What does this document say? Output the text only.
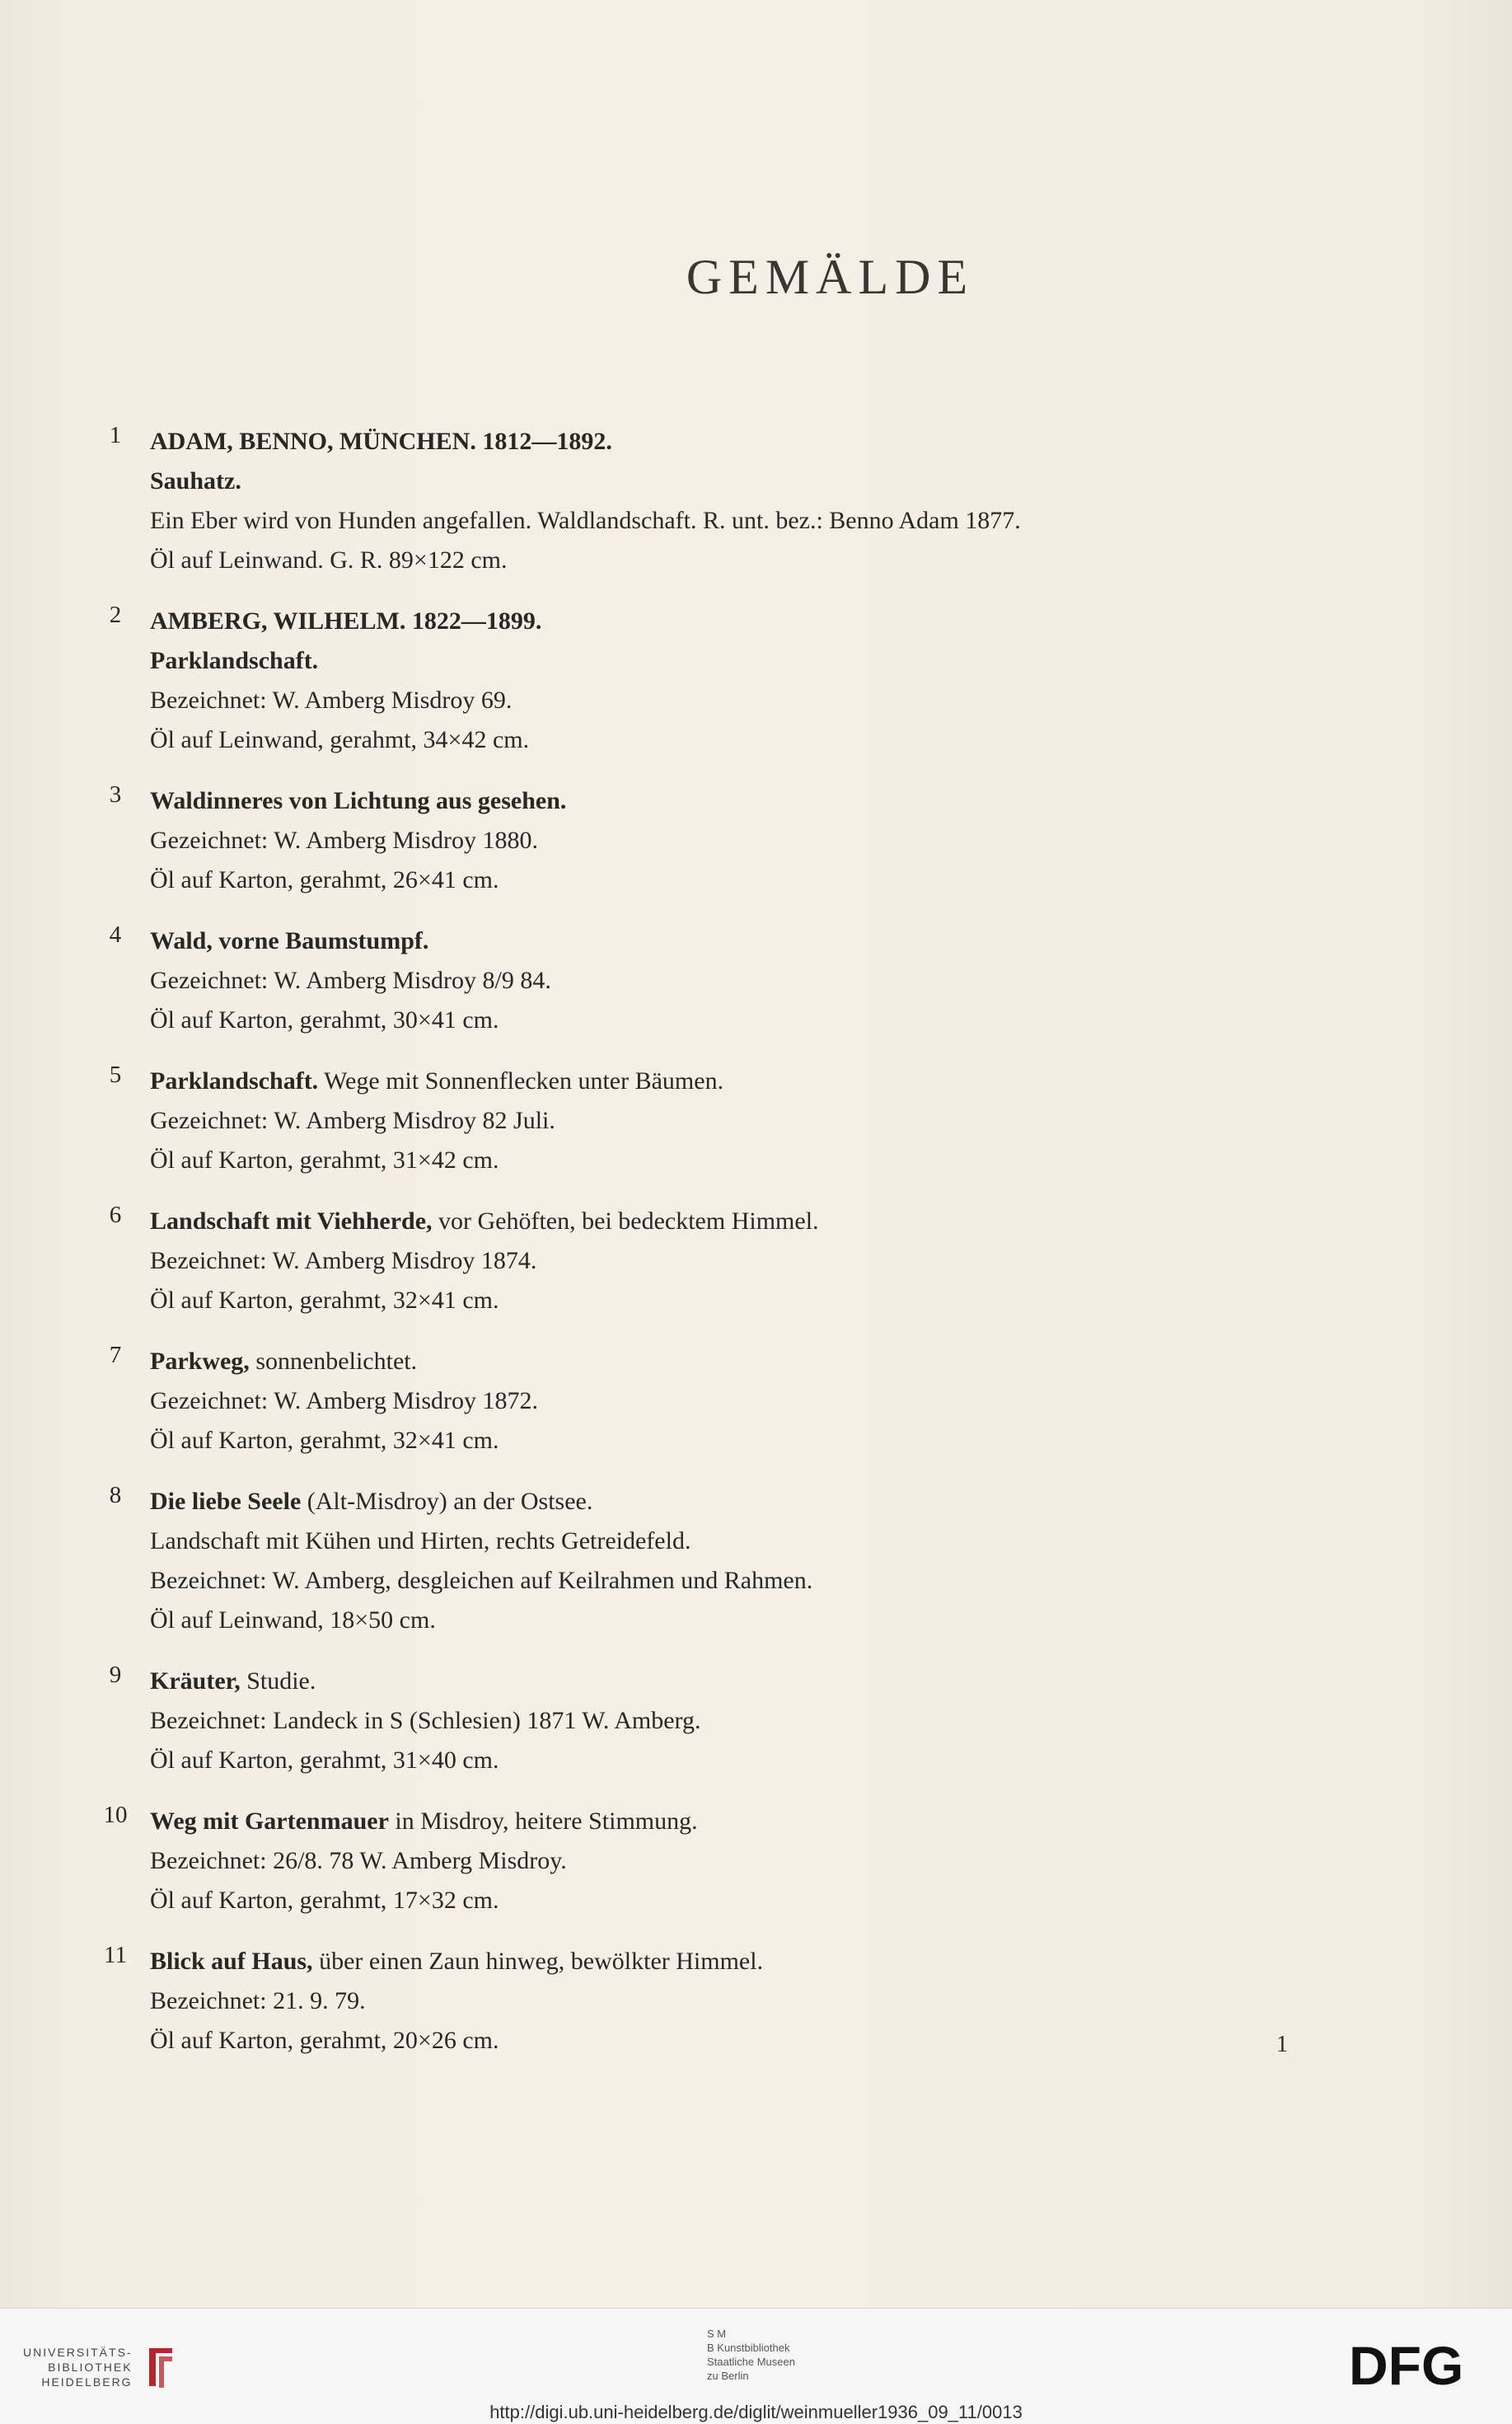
GEMÄLDE
1	ADAM, BENNO, MÜNCHEN. 1812—1892.
Sauhatz.
Ein Eber wird von Hunden angefallen. Waldlandschaft. R. unt. bez.: Benno Adam 1877.
Öl auf Leinwand. G. R. 89×122 cm.
2	AMBERG, WILHELM. 1822—1899.
Parklandschaft.
Bezeichnet: W. Amberg Misdroy 69.
Öl auf Leinwand, gerahmt, 34×42 cm.
3	Waldinneres von Lichtung aus gesehen.
Gezeichnet: W. Amberg Misdroy 1880.
Öl auf Karton, gerahmt, 26×41 cm.
4	Wald, vorne Baumstumpf.
Gezeichnet: W. Amberg Misdroy 8/9 84.
Öl auf Karton, gerahmt, 30×41 cm.
5	Parklandschaft. Wege mit Sonnenflecken unter Bäumen.
Gezeichnet: W. Amberg Misdroy 82 Juli.
Öl auf Karton, gerahmt, 31×42 cm.
6	Landschaft mit Viehherde, vor Gehöften, bei bedecktem Himmel.
Bezeichnet: W. Amberg Misdroy 1874.
Öl auf Karton, gerahmt, 32×41 cm.
7	Parkweg, sonnenbelichtet.
Gezeichnet: W. Amberg Misdroy 1872.
Öl auf Karton, gerahmt, 32×41 cm.
8	Die liebe Seele (Alt-Misdroy) an der Ostsee.
Landschaft mit Kühen und Hirten, rechts Getreidefeld.
Bezeichnet: W. Amberg, desgleichen auf Keilrahmen und Rahmen.
Öl auf Leinwand, 18×50 cm.
9	Kräuter, Studie.
Bezeichnet: Landeck in S (Schlesien) 1871 W. Amberg.
Öl auf Karton, gerahmt, 31×40 cm.
10 Weg mit Gartenmauer in Misdroy, heitere Stimmung.
Bezeichnet: 26/8. 78 W. Amberg Misdroy.
Öl auf Karton, gerahmt, 17×32 cm.
11 Blick auf Haus, über einen Zaun hinweg, bewölkter Himmel.
Bezeichnet: 21. 9. 79.
Öl auf Karton, gerahmt, 20×26 cm.	1
UNIVERSITÄTS-
BIBLIOTHEK
HEIDELBERG
S M
B Kunstbibliothek
Staatliche Museen
zu Berlin	DFG
http://digi.ub.uni-heidelberg.de/diglit/weinmueller1936_09_11/0013
